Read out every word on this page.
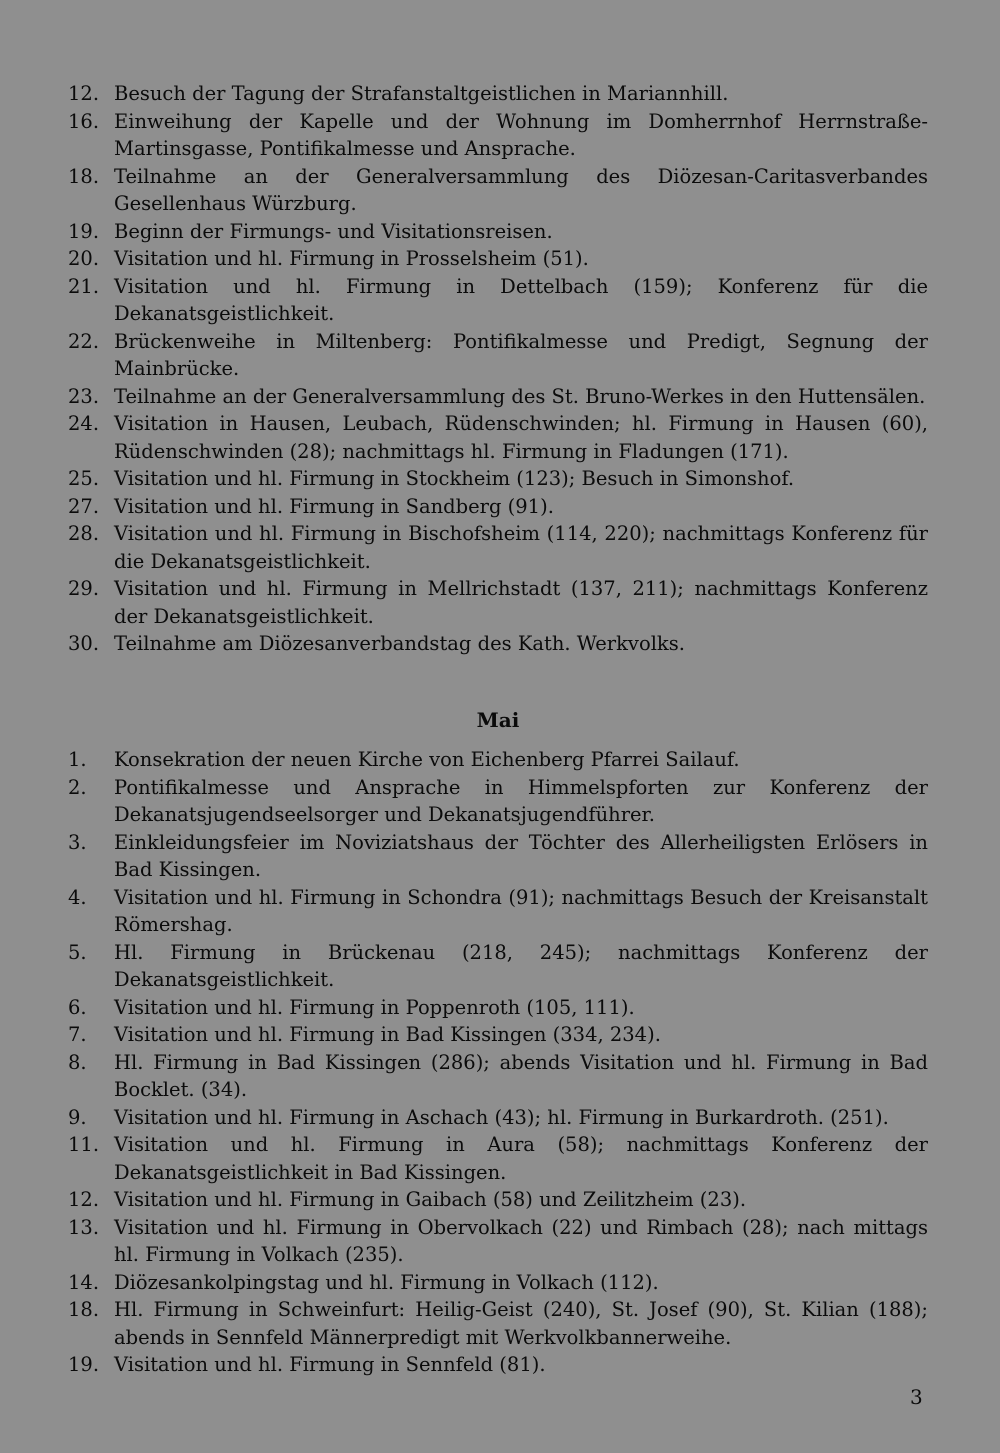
12. Besuch der Tagung der Strafanstaltgeistlichen in Mariannhill.
16. Einweihung der Kapelle und der Wohnung im Domherrnhof Herrnstraße-Martinsgasse, Pontifikalmesse und Ansprache.
18. Teilnahme an der Generalversammlung des Diözesan-Caritasverbandes Gesellenhaus Würzburg.
19. Beginn der Firmungs- und Visitationsreisen.
20. Visitation und hl. Firmung in Prosselsheim (51).
21. Visitation und hl. Firmung in Dettelbach (159); Konferenz für die Dekanatsgeistlichkeit.
22. Brückenweihe in Miltenberg: Pontifikalmesse und Predigt, Segnung der Mainbrücke.
23. Teilnahme an der Generalversammlung des St. Bruno-Werkes in den Huttensälen.
24. Visitation in Hausen, Leubach, Rüdenschwinden; hl. Firmung in Hausen (60), Rüdenschwinden (28); nachmittags hl. Firmung in Fladungen (171).
25. Visitation und hl. Firmung in Stockheim (123); Besuch in Simonshof.
27. Visitation und hl. Firmung in Sandberg (91).
28. Visitation und hl. Firmung in Bischofsheim (114, 220); nachmittags Konferenz für die Dekanatsgeistlichkeit.
29. Visitation und hl. Firmung in Mellrichstadt (137, 211); nachmittags Konferenz der Dekanatsgeistlichkeit.
30. Teilnahme am Diözesanverbandstag des Kath. Werkvolks.
Mai
1.	Konsekration der neuen Kirche von Eichenberg Pfarrei Sailauf.
2.	Pontifikalmesse und Ansprache in Himmelspforten zur Konferenz der Dekanatsjugendseelsorger und Dekanatsjugendführer.
3.	Einkleidungsfeier im Noviziatshaus der Töchter des Allerheiligsten Erlösers in Bad Kissingen.
4.	Visitation und hl. Firmung in Schondra (91); nachmittags Besuch der Kreisanstalt Römershag.
5.	Hl. Firmung in Brückenau (218, 245); nachmittags Konferenz der Dekanatsgeistlichkeit.
6.	Visitation und hl. Firmung in Poppenroth (105, 111).
7.	Visitation und hl. Firmung in Bad Kissingen (334, 234).
8.	Hl. Firmung in Bad Kissingen (286); abends Visitation und hl. Firmung in Bad Bocklet. (34).
9.	Visitation und hl. Firmung in Aschach (43); hl. Firmung in Burkardroth. (251).
11. Visitation und hl. Firmung in Aura (58); nachmittags Konferenz der Dekanatsgeistlichkeit in Bad Kissingen.
12. Visitation und hl. Firmung in Gaibach (58) und Zeilitzheim (23).
13. Visitation und hl. Firmung in Obervolkach (22) und Rimbach (28); nach mittags hl. Firmung in Volkach (235).
14. Diözesankolpingstag und hl. Firmung in Volkach (112).
18. Hl. Firmung in Schweinfurt: Heilig-Geist (240), St. Josef (90), St. Kilian (188); abends in Sennfeld Männerpredigt mit Werkvolkbannerweihe.
19. Visitation und hl. Firmung in Sennfeld (81).
3
